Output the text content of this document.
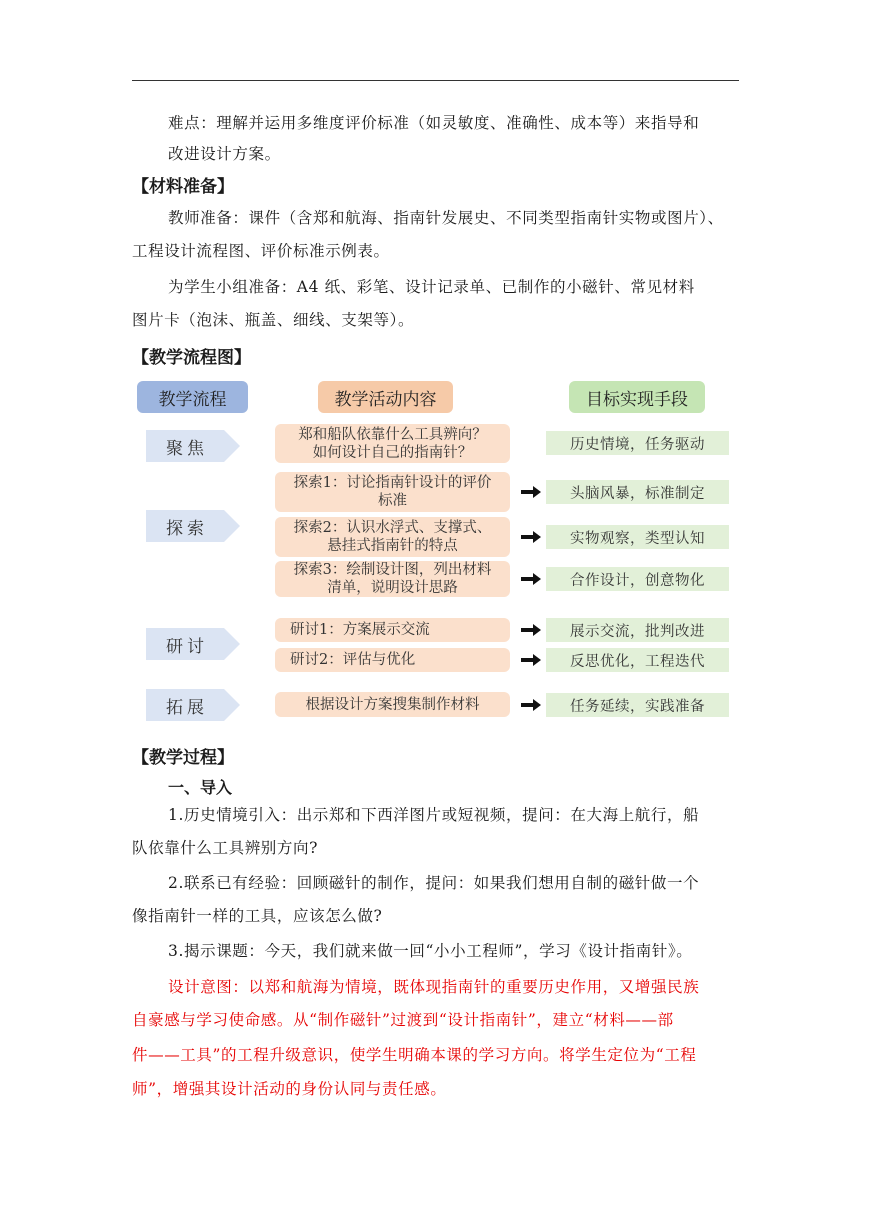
难点：理解并运用多维度评价标准（如灵敏度、准确性、成本等）来指导和
改进设计方案。
【材料准备】
教师准备：课件（含郑和航海、指南针发展史、不同类型指南针实物或图片）、
工程设计流程图、评价标准示例表。
为学生小组准备：A4 纸、彩笔、设计记录单、已制作的小磁针、常见材料
图片卡（泡沫、瓶盖、细线、支架等）。
【教学流程图】
教学流程	教学活动内容	目标实现手段
聚焦
探索
研讨
拓展
郑和船队依靠什么工具辨向？
如何设计自己的指南针？
探索1：讨论指南针设计的评价
标准
探索2：认识水浮式、支撑式、
悬挂式指南针的特点
探索3：绘制设计图，列出材料
清单，说明设计思路
研讨1：方案展示交流
研讨2：评估与优化
根据设计方案搜集制作材料
历史情境，任务驱动
头脑风暴，标准制定
实物观察，类型认知
合作设计，创意物化
展示交流，批判改进
反思优化，工程迭代
任务延续，实践准备
【教学过程】
一、导入
1.历史情境引入：出示郑和下西洋图片或短视频，提问：在大海上航行，船
队依靠什么工具辨别方向?
2.联系已有经验：回顾磁针的制作，提问：如果我们想用自制的磁针做一个
像指南针一样的工具，应该怎么做?
3.揭示课题：今天，我们就来做一回“小小工程师”，学习《设计指南针》。
设计意图：以郑和航海为情境，既体现指南针的重要历史作用，又增强民族
自豪感与学习使命感。从“制作磁针”过渡到“设计指南针”，建立“材料——部
件——工具”的工程升级意识，使学生明确本课的学习方向。将学生定位为“工程
师”，增强其设计活动的身份认同与责任感。
